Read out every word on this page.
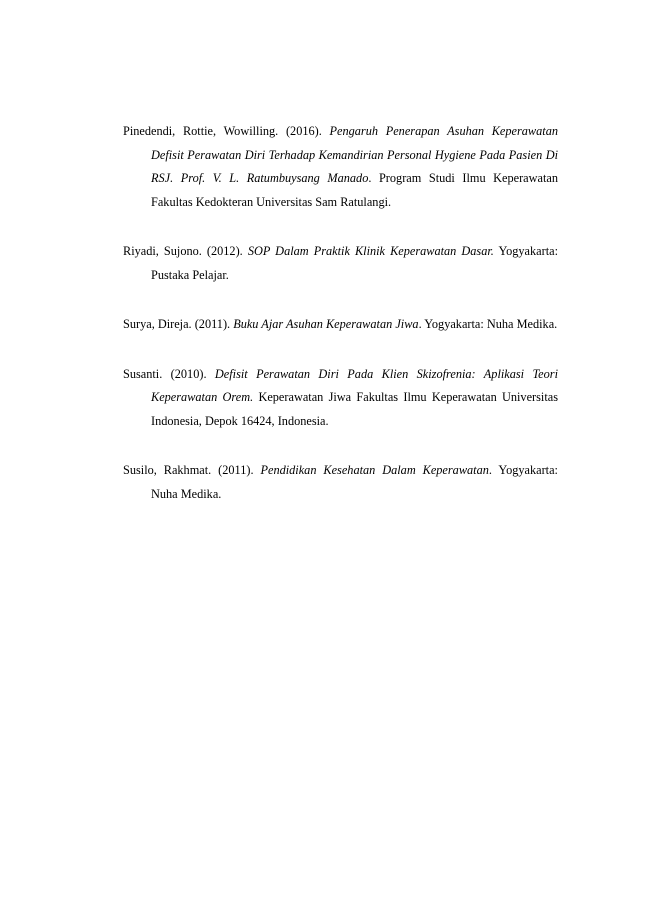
Pinedendi, Rottie, Wowilling. (2016). Pengaruh Penerapan Asuhan Keperawatan Defisit Perawatan Diri Terhadap Kemandirian Personal Hygiene Pada Pasien Di RSJ. Prof. V. L. Ratumbuysang Manado. Program Studi Ilmu Keperawatan Fakultas Kedokteran Universitas Sam Ratulangi.

Riyadi, Sujono. (2012). SOP Dalam Praktik Klinik Keperawatan Dasar. Yogyakarta: Pustaka Pelajar.

Surya, Direja. (2011). Buku Ajar Asuhan Keperawatan Jiwa. Yogyakarta: Nuha Medika.

Susanti. (2010). Defisit Perawatan Diri Pada Klien Skizofrenia: Aplikasi Teori Keperawatan Orem. Keperawatan Jiwa Fakultas Ilmu Keperawatan Universitas Indonesia, Depok 16424, Indonesia.

Susilo, Rakhmat. (2011). Pendidikan Kesehatan Dalam Keperawatan. Yogyakarta: Nuha Medika.
